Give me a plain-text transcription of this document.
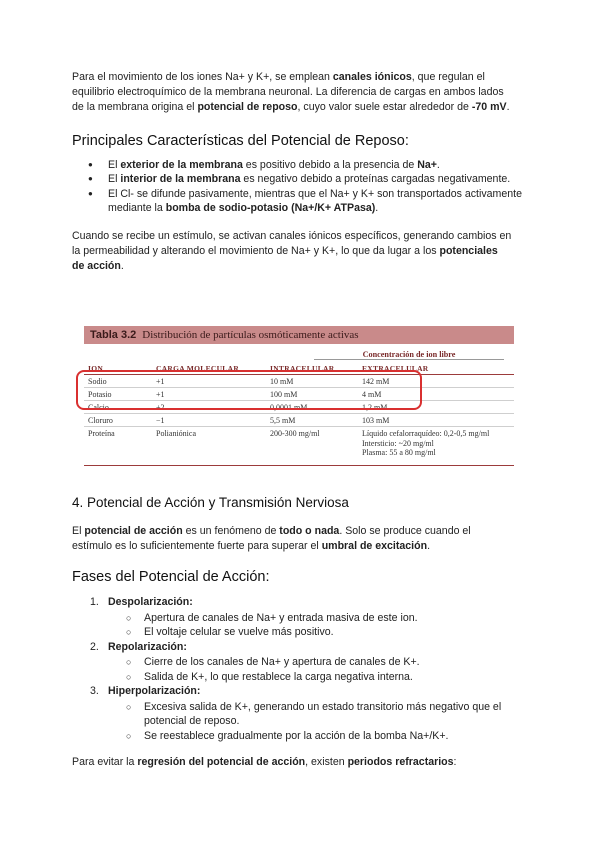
Para el movimiento de los iones Na+ y K+, se emplean canales iónicos, que regulan el equilibrio electroquímico de la membrana neuronal. La diferencia de cargas en ambos lados de la membrana origina el potencial de reposo, cuyo valor suele estar alrededor de -70 mV.

Principales Características del Potencial de Reposo:
● El exterior de la membrana es positivo debido a la presencia de Na+.
● El interior de la membrana es negativo debido a proteínas cargadas negativamente.
● El Cl- se difunde pasivamente, mientras que el Na+ y K+ son transportados activamente mediante la bomba de sodio-potasio (Na+/K+ ATPasa).

Cuando se recibe un estímulo, se activan canales iónicos específicos, generando cambios en la permeabilidad y alterando el movimiento de Na+ y K+, lo que da lugar a los potenciales de acción.

Tabla 3.2 Distribución de partículas osmóticamente activas
Concentración de ion libre
ION	CARGA MOLECULAR	INTRACELULAR	EXTRACELULAR
Sodio	+1	10 mM	142 mM
Potasio	+1	100 mM	4 mM
Calcio	+2	0,0001 mM	1,2 mM
Cloruro	−1	5,5 mM	103 mM
Proteína	Polianiónica	200-300 mg/ml	Líquido cefalorraquídeo: 0,2-0,5 mg/ml
Intersticio: ~20 mg/ml
Plasma: 55 a 80 mg/ml
4. Potencial de Acción y Transmisión Nerviosa

El potencial de acción es un fenómeno de todo o nada. Solo se produce cuando el estímulo es lo suficientemente fuerte para superar el umbral de excitación.

Fases del Potencial de Acción:
1. Despolarización:
○ Apertura de canales de Na+ y entrada masiva de este ion.
○ El voltaje celular se vuelve más positivo.
2. Repolarización:
○ Cierre de los canales de Na+ y apertura de canales de K+.
○ Salida de K+, lo que restablece la carga negativa interna.
3. Hiperpolarización:
○ Excesiva salida de K+, generando un estado transitorio más negativo que el potencial de reposo.
○ Se reestablece gradualmente por la acción de la bomba Na+/K+.

Para evitar la regresión del potencial de acción, existen periodos refractarios:
